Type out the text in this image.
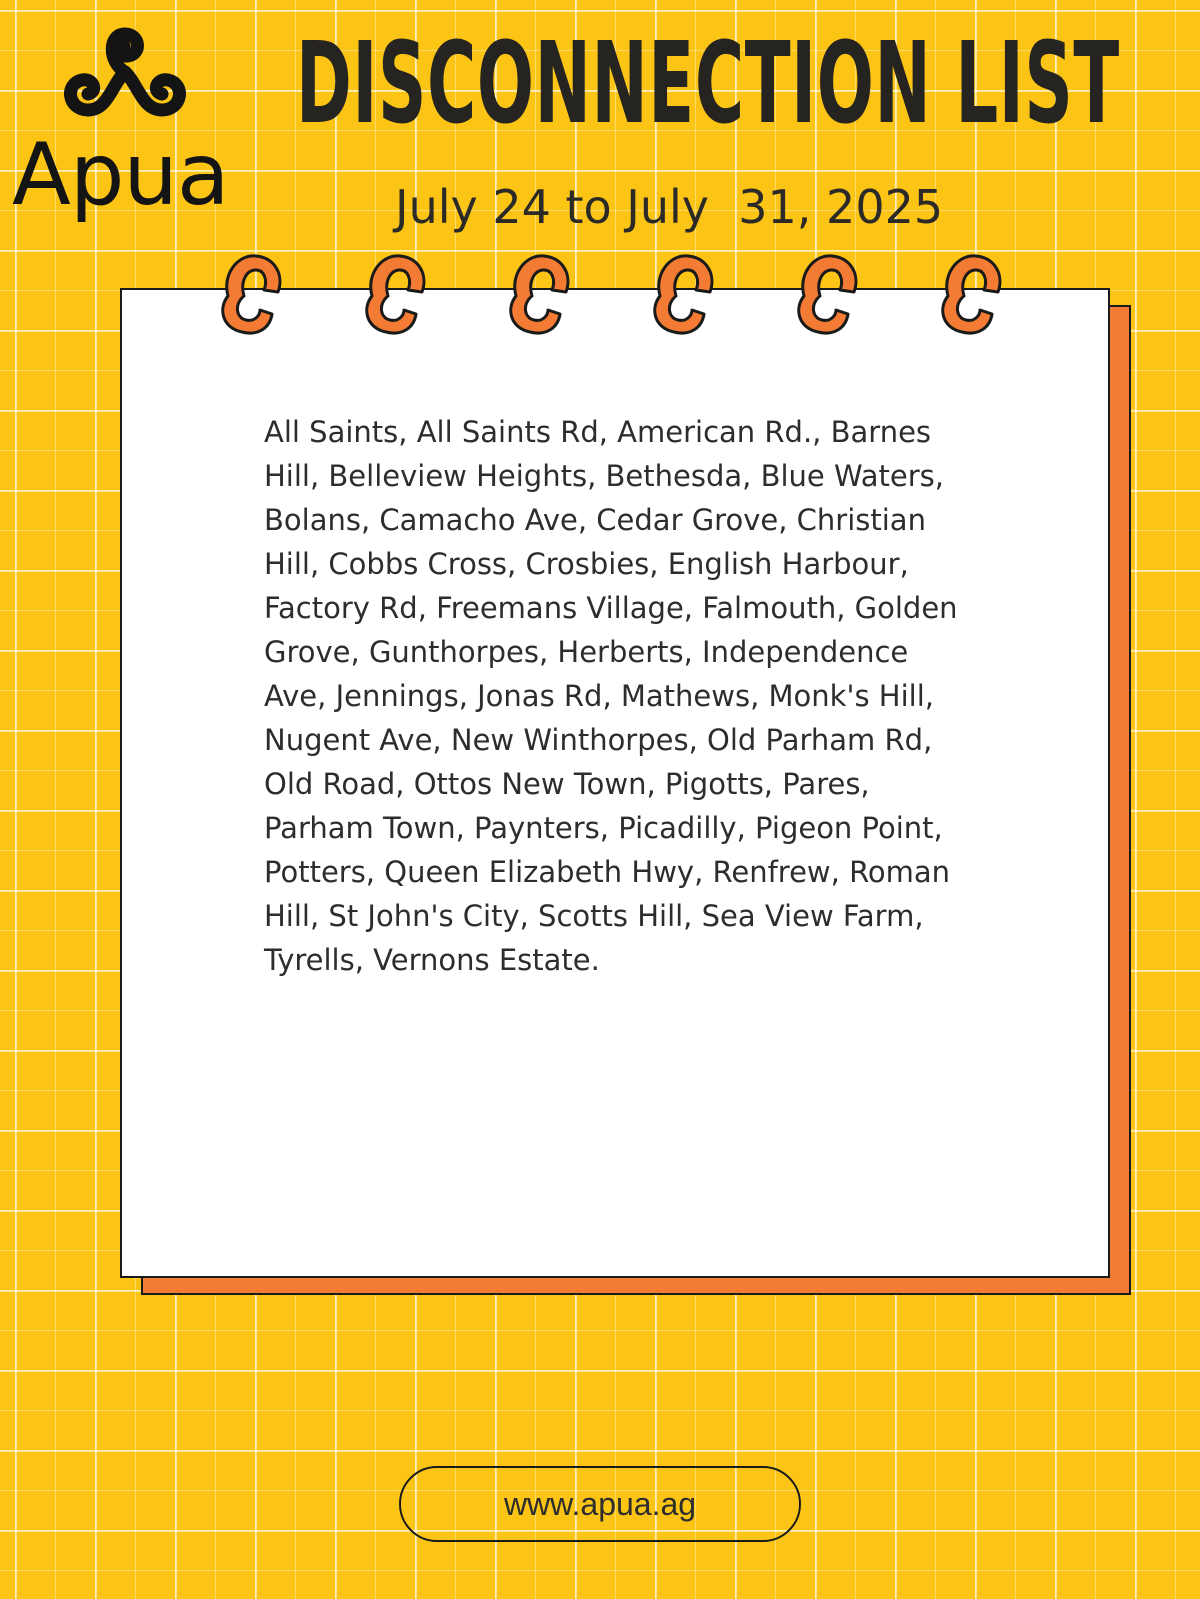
Apua
DISCONNECTION LIST
July 24 to July  31, 2025

All Saints, All Saints Rd, American Rd., Barnes Hill, Belleview Heights, Bethesda, Blue Waters, Bolans, Camacho Ave, Cedar Grove, Christian Hill, Cobbs Cross, Crosbies, English Harbour, Factory Rd, Freemans Village, Falmouth, Golden Grove, Gunthorpes, Herberts, Independence Ave, Jennings, Jonas Rd, Mathews, Monk's Hill, Nugent Ave, New Winthorpes, Old Parham Rd, Old Road, Ottos New Town, Pigotts, Pares, Parham Town, Paynters, Picadilly, Pigeon Point, Potters, Queen Elizabeth Hwy, Renfrew, Roman Hill, St John's City, Scotts Hill, Sea View Farm, Tyrells, Vernons Estate.

www.apua.ag
